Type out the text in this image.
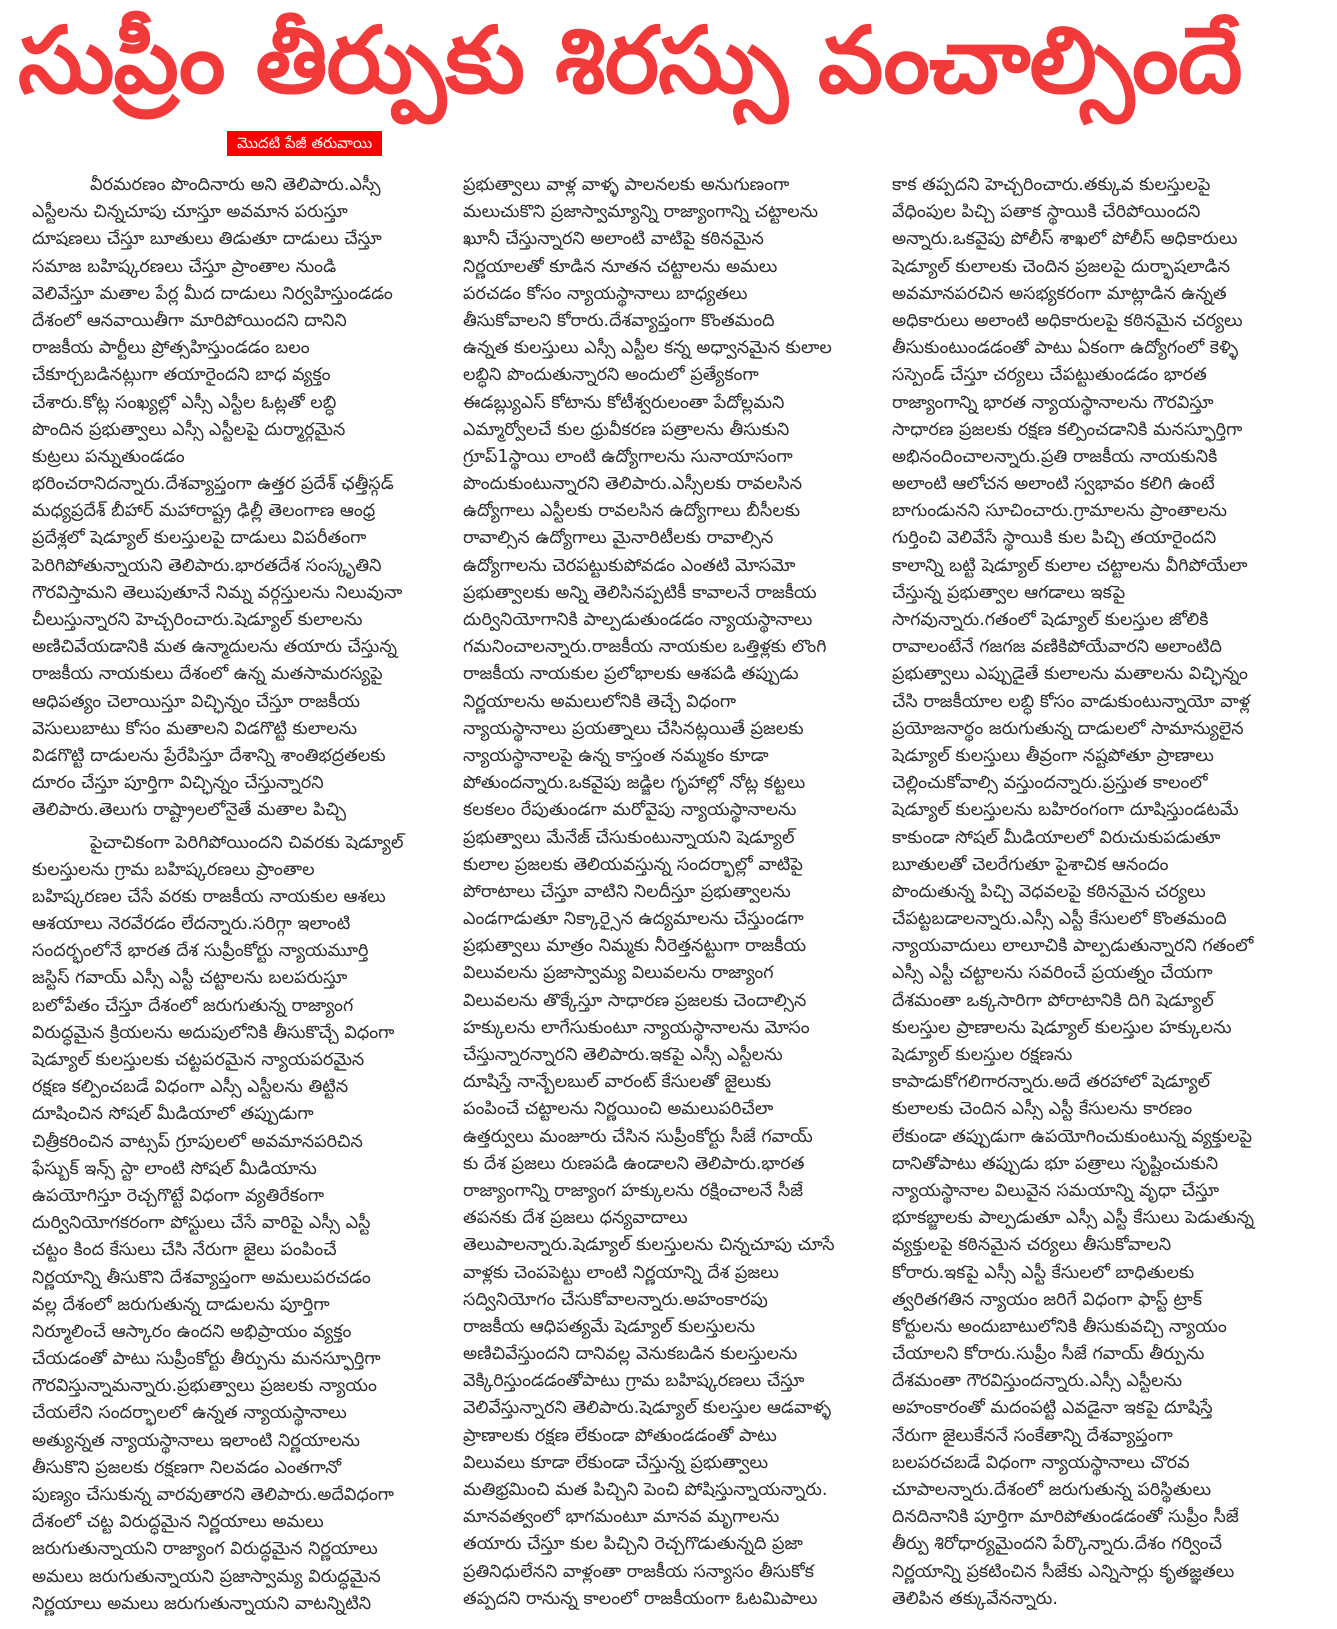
సుప్రీం తీర్పుకు శిరస్సు వంచాల్సిందే
మొదటి పేజీ తరువాయి
వీరమరణం పొందినారు అని తెలిపారు.ఎస్సీ
ఎస్టీలను చిన్నచూపు చూస్తూ అవమాన పరుస్తూ
దూషణలు చేస్తూ బూతులు తిడుతూ దాడులు చేస్తూ
సమాజ బహిష్కరణలు చేస్తూ ప్రాంతాల నుండి
వెలివేస్తూ మతాల పేర్ల మీద దాడులు నిర్వహిస్తుండడం
దేశంలో ఆనవాయితీగా మారిపోయిందని దానిని
రాజకీయ పార్టీలు ప్రోత్సహిస్తుండడం బలం
చేకూర్చబడినట్లుగా తయారైందని బాధ వ్యక్తం
చేశారు.కోట్ల సంఖ్యల్లో ఎస్సీ ఎస్టీల ఓట్లతో లబ్ధి
పొందిన ప్రభుత్వాలు ఎస్సీ ఎస్టీలపై దుర్మార్గమైన
కుట్రలు పన్నుతుండడం
భరించరానిదన్నారు.దేశవ్యాప్తంగా ఉత్తర ప్రదేశ్ ఛత్తీస్గడ్
మధ్యప్రదేశ్ బీహార్ మహారాష్ట్ర ఢిల్లీ తెలంగాణ ఆంధ్ర
ప్రదేశ్లలో షెడ్యూల్ కులస్తులపై దాడులు విపరీతంగా
పెరిగిపోతున్నాయని తెలిపారు.భారతదేశ సంస్కృతిని
గౌరవిస్తామని తెలుపుతూనే నిమ్న వర్గస్తులను నిలువునా
చీలుస్తున్నారని హెచ్చరించారు.షెడ్యూల్ కులాలను
అణిచివేయడానికి మత ఉన్మాదులను తయారు చేస్తున్న
రాజకీయ నాయకులు దేశంలో ఉన్న మతసామరస్యపై
ఆధిపత్యం చెలాయిస్తూ విచ్ఛిన్నం చేస్తూ రాజకీయ
వెసులుబాటు కోసం మతాలని విడగొట్టి కులాలను
విడగొట్టి దాడులను ప్రేరేపిస్తూ దేశాన్ని శాంతిభద్రతలకు
దూరం చేస్తూ పూర్తిగా విచ్ఛిన్నం చేస్తున్నారని
తెలిపారు.తెలుగు రాష్ట్రాలలోనైతే మతాల పిచ్చి
పైచాచికంగా పెరిగిపోయిందని చివరకు షెడ్యూల్
కులస్తులను గ్రామ బహిష్కరణలు ప్రాంతాల
బహిష్కరణల చేసే వరకు రాజకీయ నాయకుల ఆశలు
ఆశయాలు నెరవేరడం లేదన్నారు.సరిగ్గా ఇలాంటి
సందర్భంలోనే భారత దేశ సుప్రీంకోర్టు న్యాయమూర్తి
జస్టిస్ గవాయ్ ఎస్సీ ఎస్టీ చట్టాలను బలపరుస్తూ
బలోపేతం చేస్తూ దేశంలో జరుగుతున్న రాజ్యాంగ
విరుద్ధమైన క్రియలను అదుపులోనికి తీసుకొచ్చే విధంగా
షెడ్యూల్ కులస్తులకు చట్టపరమైన న్యాయపరమైన
రక్షణ కల్పించబడే విధంగా ఎస్సీ ఎస్టీలను తిట్టిన
దూషించిన సోషల్ మీడియాలో తప్పుడుగా
చిత్రీకరించిన వాట్సప్ గ్రూపులలో అవమానపరిచిన
ఫేస్బుక్ ఇన్స్ స్టా లాంటి సోషల్ మీడియాను
ఉపయోగిస్తూ రెచ్చగొట్టే విధంగా వ్యతిరేకంగా
దుర్వినియోగకరంగా పోస్టులు చేసే వారిపై ఎస్సీ ఎస్టీ
చట్టం కింద కేసులు చేసి నేరుగా జైలు పంపించే
నిర్ణయాన్ని తీసుకొని దేశవ్యాప్తంగా అమలుపరచడం
వల్ల దేశంలో జరుగుతున్న దాడులను పూర్తిగా
నిర్మూలించే ఆస్కారం ఉందని అభిప్రాయం వ్యక్తం
చేయడంతో పాటు సుప్రీంకోర్టు తీర్పును మనస్ఫూర్తిగా
గౌరవిస్తున్నామన్నారు.ప్రభుత్వాలు ప్రజలకు న్యాయం
చేయలేని సందర్భాలలో ఉన్నత న్యాయస్థానాలు
అత్యున్నత న్యాయస్థానాలు ఇలాంటి నిర్ణయాలను
తీసుకొని ప్రజలకు రక్షణగా నిలవడం ఎంతగానో
పుణ్యం చేసుకున్న వారవుతారని తెలిపారు.అదేవిధంగా
దేశంలో చట్ట విరుద్ధమైన నిర్ణయాలు అమలు
జరుగుతున్నాయని రాజ్యాంగ విరుద్ధమైన నిర్ణయాలు
అమలు జరుగుతున్నాయని ప్రజాస్వామ్య విరుద్ధమైన
నిర్ణయాలు అమలు జరుగుతున్నాయని వాటన్నిటిని
ప్రభుత్వాలు వాళ్ల వాళ్ళ పాలనలకు అనుగుణంగా
మలుచుకొని ప్రజాస్వామ్యాన్ని రాజ్యాంగాన్ని చట్టాలను
ఖూనీ చేస్తున్నారని అలాంటి వాటిపై కఠినమైన
నిర్ణయాలతో కూడిన నూతన చట్టాలను అమలు
పరచడం కోసం న్యాయస్థానాలు బాధ్యతలు
తీసుకోవాలని కోరారు.దేశవ్యాప్తంగా కొంతమంది
ఉన్నత కులస్తులు ఎస్సీ ఎస్టీల కన్న అధ్వానమైన కులాల
లబ్ధిని పొందుతున్నారని అందులో ప్రత్యేకంగా
ఈడబ్ల్యుఎస్ కోటాను కోటీశ్వరులంతా పేదోల్లమని
ఎమ్మార్వోలచే కుల ధ్రువీకరణ పత్రాలను తీసుకుని
గ్రూప్1స్థాయి లాంటి ఉద్యోగాలను సునాయాసంగా
పొందుకుంటున్నారని తెలిపారు.ఎస్సీలకు రావలసిన
ఉద్యోగాలు ఎస్టీలకు రావలసిన ఉద్యోగాలు బీసీలకు
రావాల్సిన ఉద్యోగాలు మైనారిటీలకు రావాల్సిన
ఉద్యోగాలను చెరపట్టుకుపోవడం ఎంతటి మోసమో
ప్రభుత్వాలకు అన్ని తెలిసినప్పటికీ కావాలనే రాజకీయ
దుర్వినియోగానికి పాల్పడుతుండడం న్యాయస్థానాలు
గమనించాలన్నారు.రాజకీయ నాయకుల ఒత్తిళ్లకు లొంగి
రాజకీయ నాయకుల ప్రలోభాలకు ఆశపడి తప్పుడు
నిర్ణయాలను అమలులోనికి తెచ్చే విధంగా
న్యాయస్థానాలు ప్రయత్నాలు చేసినట్లయితే ప్రజలకు
న్యాయస్థానాలపై ఉన్న కాస్తంత నమ్మకం కూడా
పోతుందన్నారు.ఒకవైపు జడ్జిల గృహాల్లో నోట్ల కట్టలు
కలకలం రేపుతుండగా మరోవైపు న్యాయస్థానాలను
ప్రభుత్వాలు మేనేజ్ చేసుకుంటున్నాయని షెడ్యూల్
కులాల ప్రజలకు తెలియవస్తున్న సందర్భాల్లో వాటిపై
పోరాటాలు చేస్తూ వాటిని నిలదీస్తూ ప్రభుత్వాలను
ఎండగాడుతూ నిక్కార్సైన ఉద్యమాలను చేస్తుండగా
ప్రభుత్వాలు మాత్రం నిమ్మకు నీరెత్తనట్టుగా రాజకీయ
విలువలను ప్రజాస్వామ్య విలువలను రాజ్యాంగ
విలువలను తొక్కేస్తూ సాధారణ ప్రజలకు చెందాల్సిన
హక్కులను లాగేసుకుంటూ న్యాయస్థానాలను మోసం
చేస్తున్నారన్నారని తెలిపారు.ఇకపై ఎస్సీ ఎస్టీలను
దూషిస్తే నాన్బేలబుల్ వారంట్ కేసులతో జైలుకు
పంపించే చట్టాలను నిర్ణయించి అమలుపరిచేలా
ఉత్తర్వులు మంజూరు చేసిన సుప్రీంకోర్టు సీజే గవాయ్
కు దేశ ప్రజలు రుణపడి ఉండాలని తెలిపారు.భారత
రాజ్యాంగాన్ని రాజ్యాంగ హక్కులను రక్షించాలనే సీజే
తపనకు దేశ ప్రజలు ధన్యవాదాలు
తెలుపాలన్నారు.షెడ్యూల్ కులస్తులను చిన్నచూపు చూసే
వాళ్లకు చెంపపెట్టు లాంటి నిర్ణయాన్ని దేశ ప్రజలు
సద్వినియోగం చేసుకోవాలన్నారు.అహంకారపు
రాజకీయ ఆధిపత్యమే షెడ్యూల్ కులస్తులను
అణిచివేస్తుందని దానివల్ల వెనుకబడిన కులస్తులను
వెక్కిరిస్తుండడంతోపాటు గ్రామ బహిష్కరణలు చేస్తూ
వెలివేస్తున్నారని తెలిపారు.షెడ్యూల్ కులస్తుల ఆడవాళ్ళ
ప్రాణాలకు రక్షణ లేకుండా పోతుండడంతో పాటు
విలువలు కూడా లేకుండా చేస్తున్న ప్రభుత్వాలు
మతిభ్రమించి మత పిచ్చిని పెంచి పోషిస్తున్నాయన్నారు.
మానవత్వంలో భాగమంటూ మానవ మృగాలను
తయారు చేస్తూ కుల పిచ్చిని రెచ్చగొడుతున్నది ప్రజా
ప్రతినిధులేనని వాళ్లంతా రాజకీయ సన్యాసం తీసుకోక
తప్పదని రానున్న కాలంలో రాజకీయంగా ఓటమిపాలు
కాక తప్పదని హెచ్చరించారు.తక్కువ కులస్తులపై
వేధింపుల పిచ్చి పతాక స్థాయికి చేరిపోయిందని
అన్నారు.ఒకవైపు పోలీస్ శాఖలో పోలీస్ అధికారులు
షెడ్యూల్ కులాలకు చెందిన ప్రజలపై దుర్భాషలాడిన
అవమానపరచిన అసభ్యకరంగా మాట్లాడిన ఉన్నత
అధికారులు అలాంటి అధికారులపై కఠినమైన చర్యలు
తీసుకుంటుండడంతో పాటు ఏకంగా ఉద్యోగంలో కెళ్ళి
సస్పెండ్ చేస్తూ చర్యలు చేపట్టుతుండడం భారత
రాజ్యాంగాన్ని భారత న్యాయస్థానాలను గౌరవిస్తూ
సాధారణ ప్రజలకు రక్షణ కల్పించడానికి మనస్ఫూర్తిగా
అభినందించాలన్నారు.ప్రతి రాజకీయ నాయకునికి
అలాంటి ఆలోచన అలాంటి స్వభావం కలిగి ఉంటే
బాగుండునని సూచించారు.గ్రామాలను ప్రాంతాలను
గుర్తించి వెలివేసే స్థాయికి కుల పిచ్చి తయారైందని
కాలాన్ని బట్టి షెడ్యూల్ కులాల చట్టాలను వీగిపోయేలా
చేస్తున్న ప్రభుత్వాల ఆగడాలు ఇకపై
సాగవున్నారు.గతంలో షెడ్యూల్ కులస్తుల జోలికి
రావాలంటేనే గజగజ వణికిపోయేవారని అలాంటిది
ప్రభుత్వాలు ఎప్పుడైతే కులాలను మతాలను విచ్ఛిన్నం
చేసి రాజకీయాల లబ్ధి కోసం వాడుకుంటున్నాయో వాళ్ల
ప్రయోజనార్థం జరుగుతున్న దాడులలో సామాన్యులైన
షెడ్యూల్ కులస్తులు తీవ్రంగా నష్టపోతూ ప్రాణాలు
చెల్లించుకోవాల్సి వస్తుందన్నారు.ప్రస్తుత కాలంలో
షెడ్యూల్ కులస్తులను బహిరంగంగా దూషిస్తుండటమే
కాకుండా సోషల్ మీడియాలలో విరుచుకుపడుతూ
బూతులతో చెలరేగుతూ పైశాచిక ఆనందం
పొందుతున్న పిచ్చి వెధవలపై కఠినమైన చర్యలు
చేపట్టబడాలన్నారు.ఎస్సీ ఎస్టీ కేసులలో కొంతమంది
న్యాయవాదులు లాలూచికి పాల్పడుతున్నారని గతంలో
ఎస్సీ ఎస్టీ చట్టాలను సవరించే ప్రయత్నం చేయగా
దేశమంతా ఒక్కసారిగా పోరాటానికి దిగి షెడ్యూల్
కులస్తుల ప్రాణాలను షెడ్యూల్ కులస్తుల హక్కులను
షెడ్యూల్ కులస్తుల రక్షణను
కాపాడుకోగలిగారన్నారు.అదే తరహాలో షెడ్యూల్
కులాలకు చెందిన ఎస్సీ ఎస్టీ కేసులను కారణం
లేకుండా తప్పుడుగా ఉపయోగించుకుంటున్న వ్యక్తులపై
దానితోపాటు తప్పుడు భూ పత్రాలు సృష్టించుకుని
న్యాయస్థానాల విలువైన సమయాన్ని వృధా చేస్తూ
భూకబ్జాలకు పాల్పడుతూ ఎస్సీ ఎస్టీ కేసులు పెడుతున్న
వ్యక్తులపై కఠినమైన చర్యలు తీసుకోవాలని
కోరారు.ఇకపై ఎస్సీ ఎస్టీ కేసులలో బాధితులకు
త్వరితగతిన న్యాయం జరిగే విధంగా ఫాస్ట్ ట్రాక్
కోర్టులను అందుబాటులోనికి తీసుకువచ్చి న్యాయం
చేయాలని కోరారు.సుప్రీం సీజే గవాయ్ తీర్పును
దేశమంతా గౌరవిస్తుందన్నారు.ఎస్సీ ఎస్టీలను
అహంకారంతో మదంపట్టి ఎవడైనా ఇకపై దూషిస్తే
నేరుగా జైలుకేననే సంకేతాన్ని దేశవ్యాప్తంగా
బలపరచబడే విధంగా న్యాయస్థానాలు చొరవ
చూపాలన్నారు.దేశంలో జరుగుతున్న పరిస్థితులు
దినదినానికి పూర్తిగా మారిపోతుండడంతో సుప్రీం సీజే
తీర్పు శిరోధార్యమైందని పేర్కొన్నారు.దేశం గర్వించే
నిర్ణయాన్ని ప్రకటించిన సీజేకు ఎన్నిసార్లు కృతజ్ఞతలు
తెలిపిన తక్కువేనన్నారు.
